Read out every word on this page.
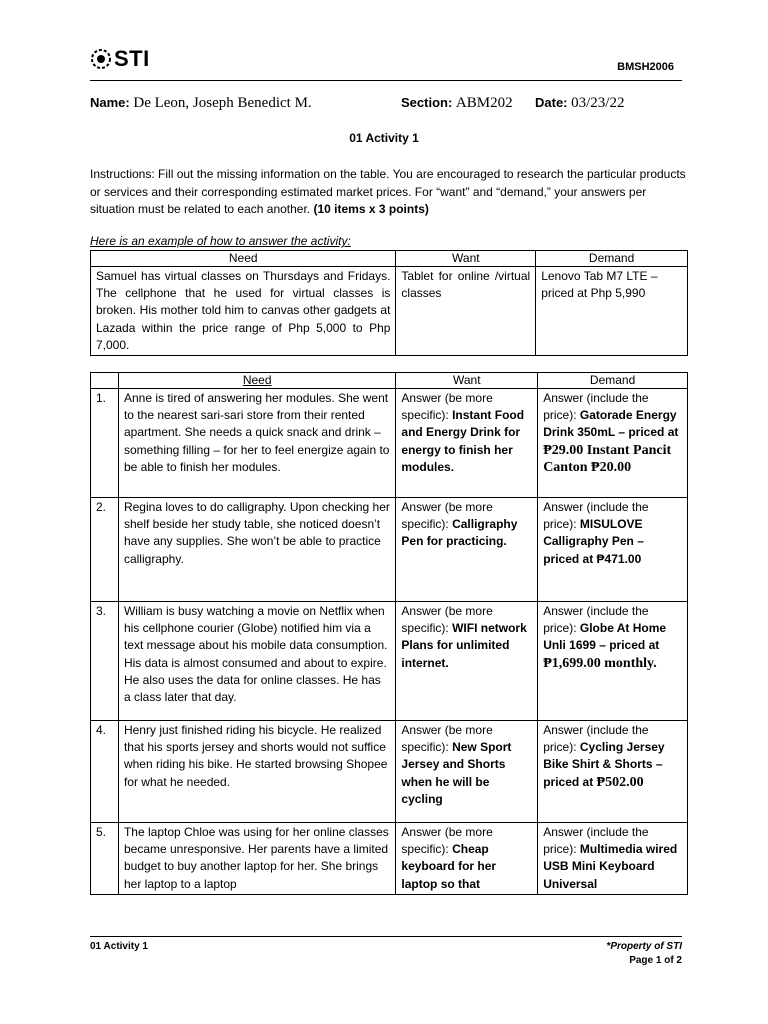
STI	BMSH2006
Name: De Leon, Joseph Benedict M.	Section: ABM202 Date: 03/23/22
01 Activity 1
Instructions: Fill out the missing information on the table. You are encouraged to research the particular products or services and their corresponding estimated market prices. For “want” and “demand,” your answers per situation must be related to each another. (10 items x 3 points)
Here is an example of how to answer the activity:
Need	Want	Demand
Samuel has virtual classes on Thursdays and Fridays. The cellphone that he used for virtual classes is broken. His mother told him to canvas other gadgets at Lazada within the price range of Php 5,000 to Php 7,000.	Tablet for online /virtual classes	Lenovo Tab M7 LTE – priced at Php 5,990
	Need	Want	Demand
1.	Anne is tired of answering her modules. She went to the nearest sari-sari store from their rented apartment. She needs a quick snack and drink – something filling – for her to feel energize again to be able to finish her modules.	Answer (be more specific): Instant Food and Energy Drink for energy to finish her modules.	Answer (include the price): Gatorade Energy Drink 350mL – priced at ₱29.00 Instant Pancit Canton ₱20.00
2.	Regina loves to do calligraphy. Upon checking her shelf beside her study table, she noticed doesn’t have any supplies. She won’t be able to practice calligraphy.	Answer (be more specific): Calligraphy Pen for practicing.	Answer (include the price): MISULOVE Calligraphy Pen – priced at ₱471.00
3.	William is busy watching a movie on Netflix when his cellphone courier (Globe) notified him via a text message about his mobile data consumption. His data is almost consumed and about to expire. He also uses the data for online classes. He has a class later that day.	Answer (be more specific): WIFI network Plans for unlimited internet.	Answer (include the price): Globe At Home Unli 1699 – priced at ₱1,699.00 monthly.
4.	Henry just finished riding his bicycle. He realized that his sports jersey and shorts would not suffice when riding his bike. He started browsing Shopee for what he needed.	Answer (be more specific): New Sport Jersey and Shorts when he will be cycling	Answer (include the price): Cycling Jersey Bike Shirt & Shorts – priced at ₱502.00
5.	The laptop Chloe was using for her online classes became unresponsive. Her parents have a limited budget to buy another laptop for her. She brings her laptop to a laptop	Answer (be more specific): Cheap keyboard for her laptop so that	Answer (include the price): Multimedia wired USB Mini Keyboard Universal
01 Activity 1	*Property of STI
Page 1 of 2
